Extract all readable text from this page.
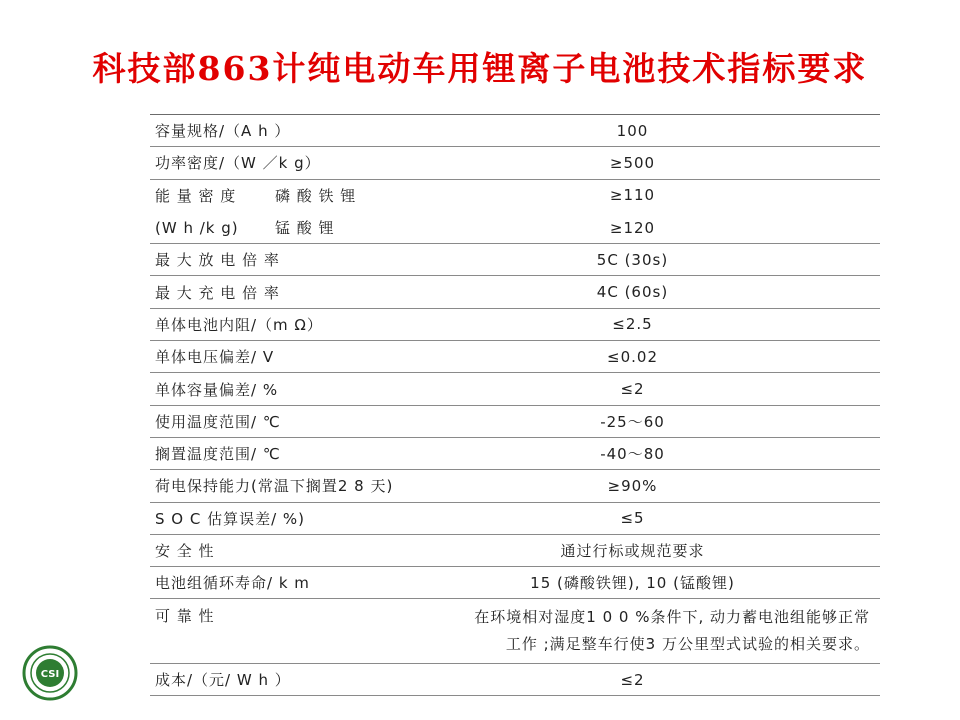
科技部863计纯电动车用锂离子电池技术指标要求
容量规格/（A h ）	100
功率密度/（W ／k g）	≥500
能 量 密 度	磷 酸 铁 锂	≥110
(W h /k g)	锰 酸 锂	≥120
最 大 放 电 倍 率	5C (30s)
最 大 充 电 倍 率	4C (60s)
单体电池内阻/（m Ω）	≤2.5
单体电压偏差/ V	≤0.02
单体容量偏差/ %	≤2
使用温度范围/ ℃	-25～60
搁置温度范围/ ℃	-40～80
荷电保持能力(常温下搁置2 8 天)	≥90%
S O C 估算误差/ %)	≤5
安 全 性	通过行标或规范要求
电池组循环寿命/ k m	15 (磷酸铁锂), 10 (锰酸锂)
可 靠 性	在环境相对湿度1 0 0 %条件下, 动力蓄电池组能够正常
工作 ;满足整车行使3 万公里型式试验的相关要求。
成本/（元/ W h ）	≤2
CSI
